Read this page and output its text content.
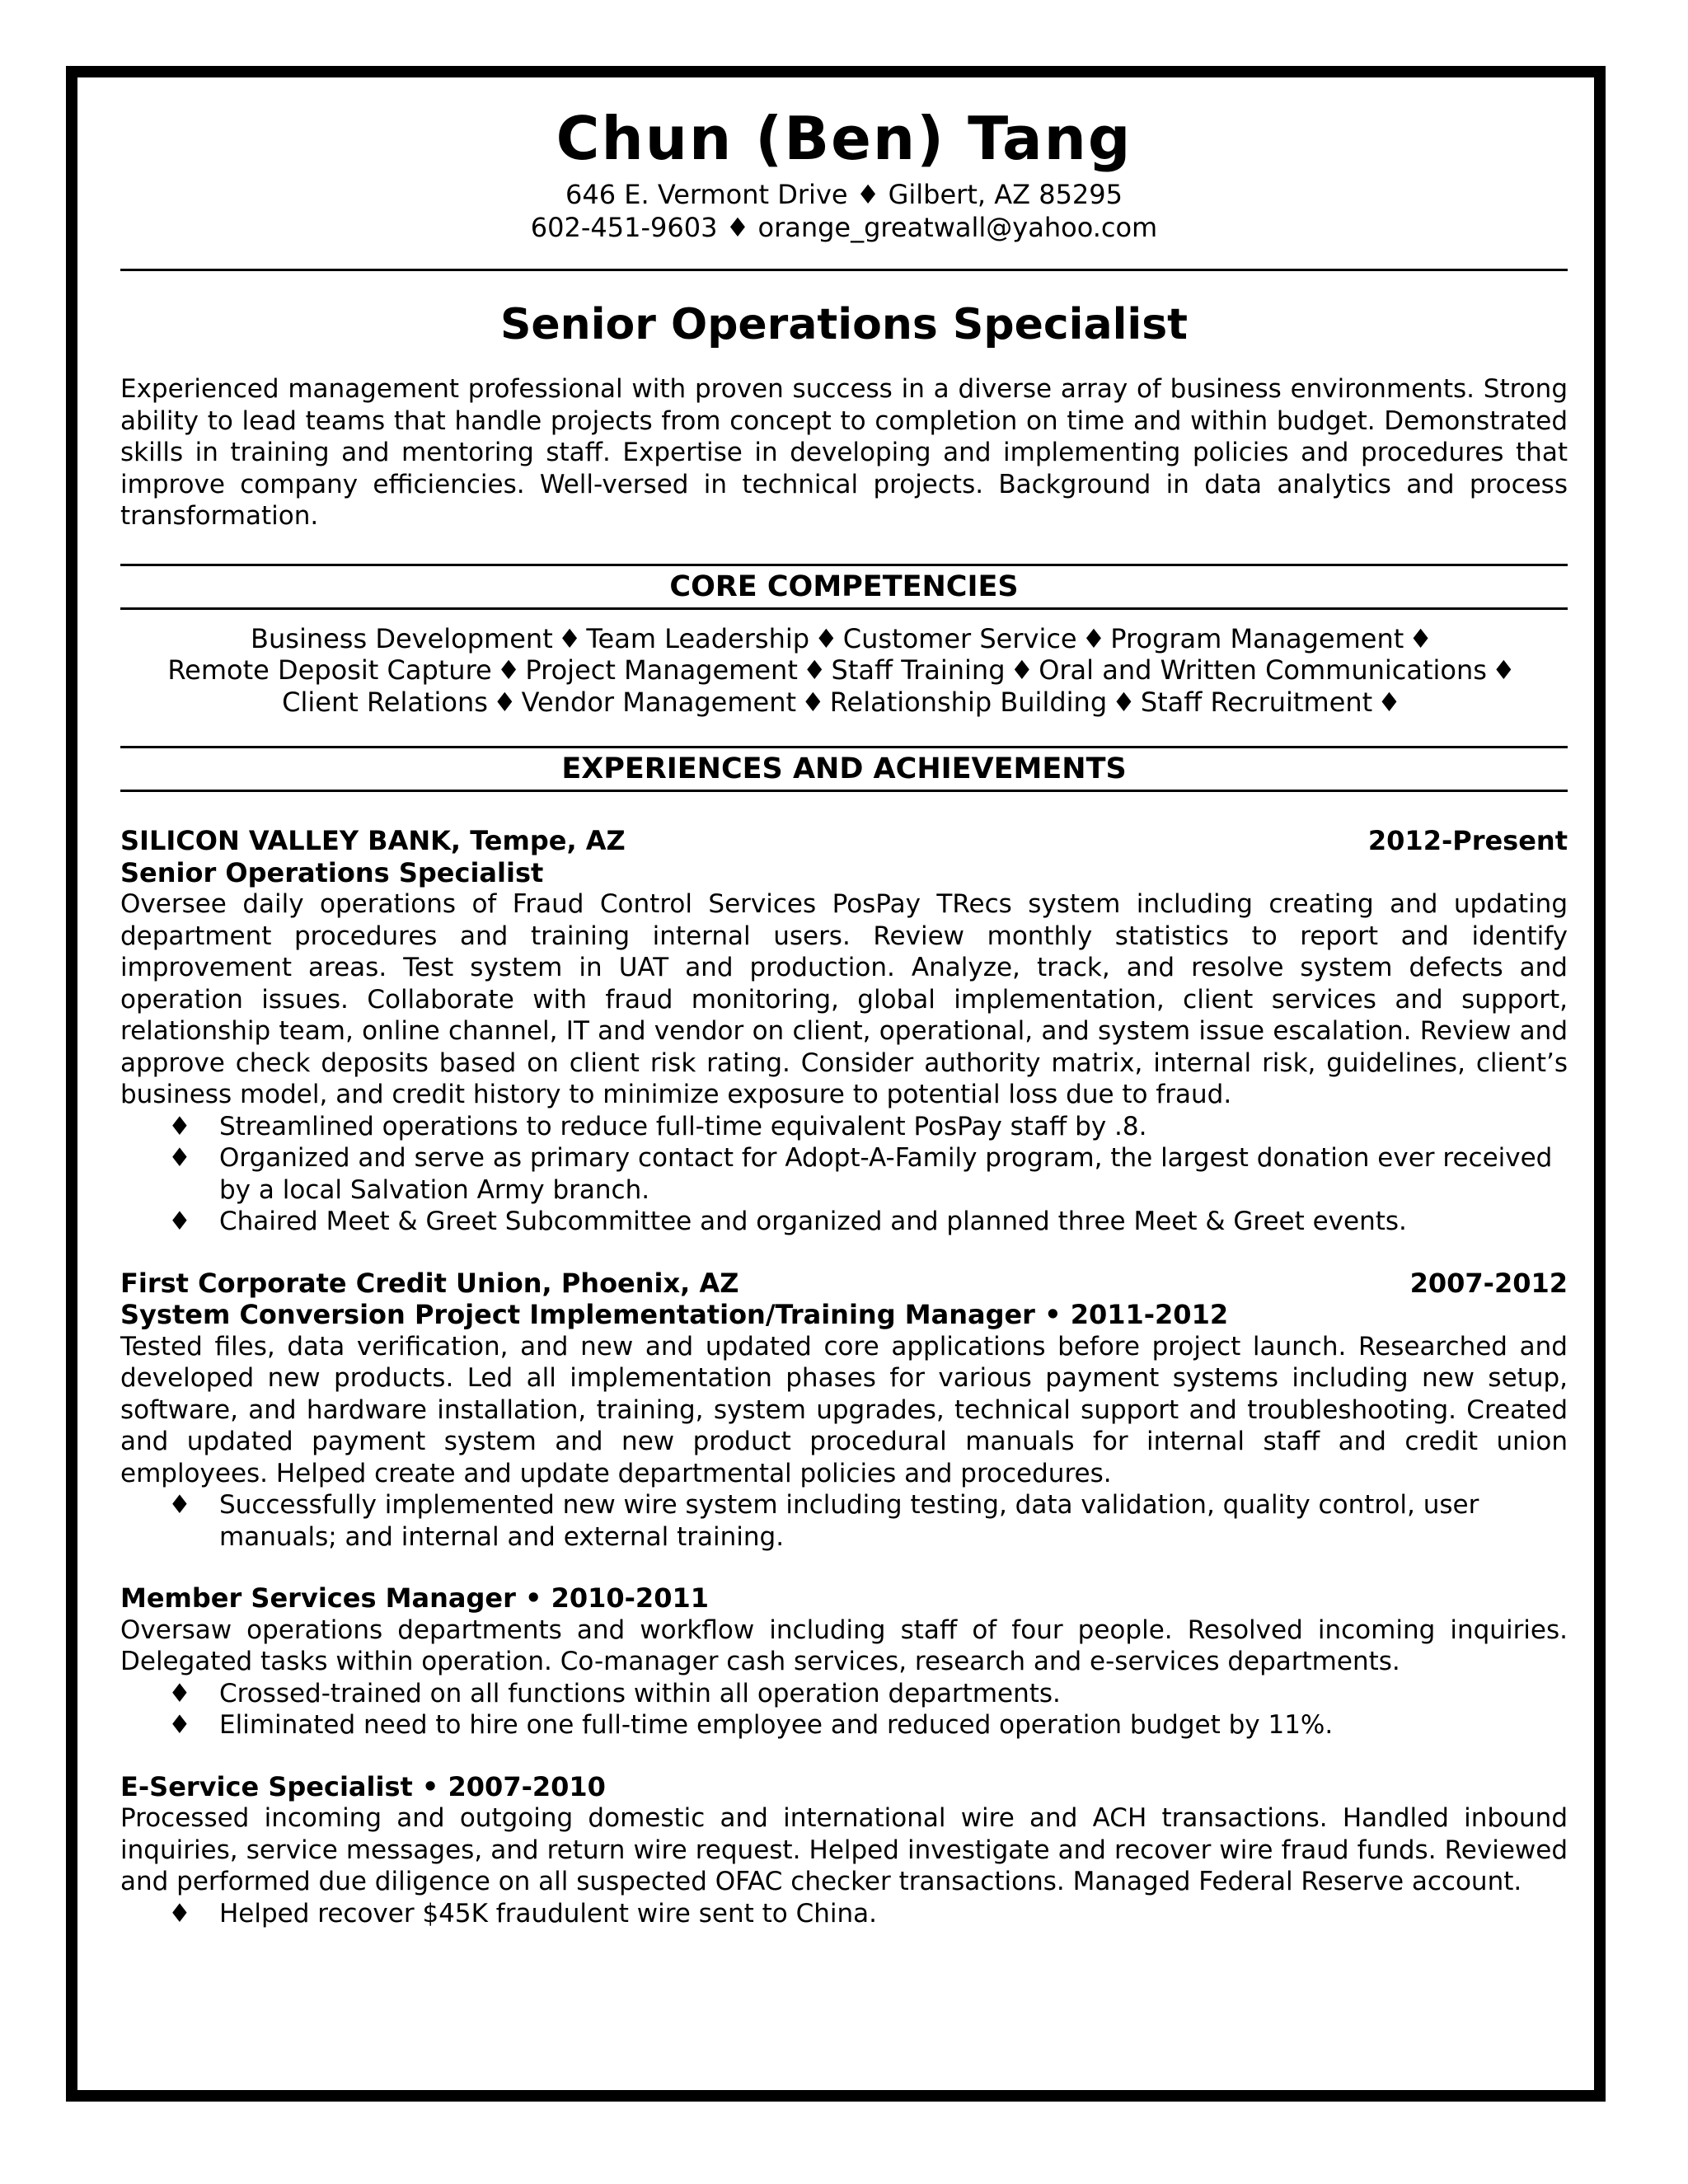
Chun (Ben) Tang
646 E. Vermont Drive ♦ Gilbert, AZ 85295
602-451-9603 ♦ orange_greatwall@yahoo.com
Senior Operations Specialist
Experienced management professional with proven success in a diverse array of business environments. Strong ability to lead teams that handle projects from concept to completion on time and within budget. Demonstrated skills in training and mentoring staff. Expertise in developing and implementing policies and procedures that improve company efficiencies. Well-versed in technical projects. Background in data analytics and process transformation.
CORE COMPETENCIES
Business Development ♦ Team Leadership ♦ Customer Service ♦ Program Management ♦
Remote Deposit Capture ♦ Project Management ♦ Staff Training ♦ Oral and Written Communications ♦
Client Relations ♦ Vendor Management ♦ Relationship Building ♦ Staff Recruitment ♦
EXPERIENCES AND ACHIEVEMENTS
SILICON VALLEY BANK, Tempe, AZ	2012-Present
Senior Operations Specialist
Oversee daily operations of Fraud Control Services PosPay TRecs system including creating and updating department procedures and training internal users. Review monthly statistics to report and identify improvement areas. Test system in UAT and production. Analyze, track, and resolve system defects and operation issues. Collaborate with fraud monitoring, global implementation, client services and support, relationship team, online channel, IT and vendor on client, operational, and system issue escalation. Review and approve check deposits based on client risk rating. Consider authority matrix, internal risk, guidelines, client’s business model, and credit history to minimize exposure to potential loss due to fraud.
♦ Streamlined operations to reduce full-time equivalent PosPay staff by .8.
♦ Organized and serve as primary contact for Adopt-A-Family program, the largest donation ever received by a local Salvation Army branch.
♦ Chaired Meet & Greet Subcommittee and organized and planned three Meet & Greet events.
First Corporate Credit Union, Phoenix, AZ	2007-2012
System Conversion Project Implementation/Training Manager • 2011-2012
Tested files, data verification, and new and updated core applications before project launch. Researched and developed new products. Led all implementation phases for various payment systems including new setup, software, and hardware installation, training, system upgrades, technical support and troubleshooting. Created and updated payment system and new product procedural manuals for internal staff and credit union employees. Helped create and update departmental policies and procedures.
♦ Successfully implemented new wire system including testing, data validation, quality control, user manuals; and internal and external training.
Member Services Manager • 2010-2011
Oversaw operations departments and workflow including staff of four people. Resolved incoming inquiries. Delegated tasks within operation. Co-manager cash services, research and e-services departments.
♦ Crossed-trained on all functions within all operation departments.
♦ Eliminated need to hire one full-time employee and reduced operation budget by 11%.
E-Service Specialist • 2007-2010
Processed incoming and outgoing domestic and international wire and ACH transactions. Handled inbound inquiries, service messages, and return wire request. Helped investigate and recover wire fraud funds. Reviewed and performed due diligence on all suspected OFAC checker transactions. Managed Federal Reserve account.
♦ Helped recover $45K fraudulent wire sent to China.
